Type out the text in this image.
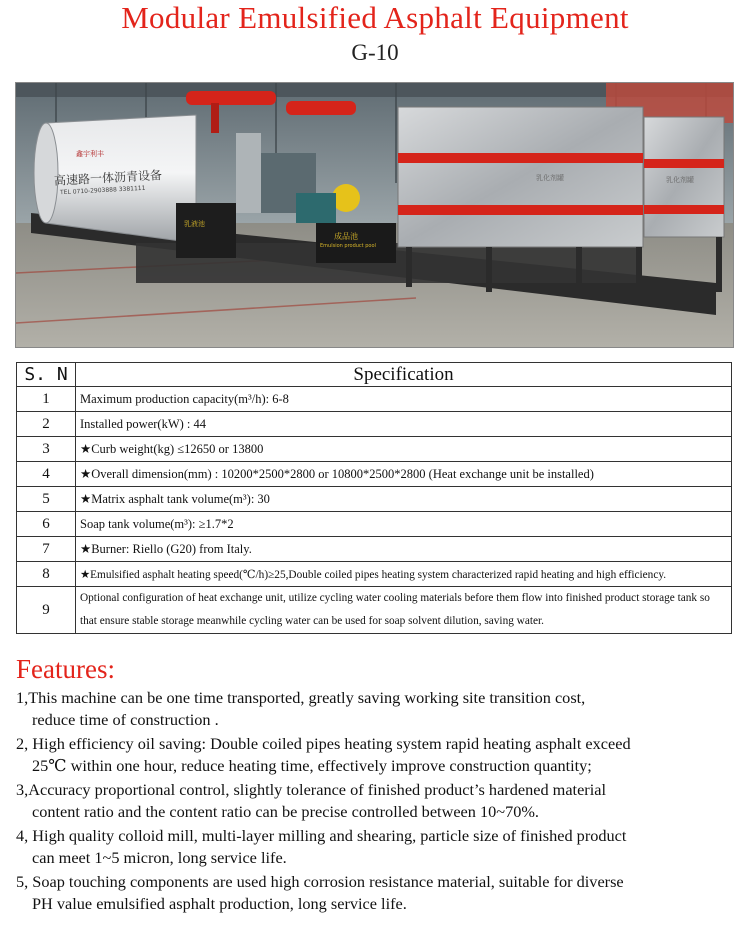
Modular Emulsified Asphalt Equipment
G-10
鑫宇利丰
高速路一体沥青设备
TEL 0710-2903888 3381111
乳液池
成品池
Emulsion product pool
乳化剂罐	乳化剂罐
S. N	Specification
1	Maximum production capacity(m³/h): 6-8
2	Installed power(kW) : 44
3	★Curb weight(kg) ≤12650 or 13800
4	★Overall dimension(mm) : 10200*2500*2800 or 10800*2500*2800 (Heat exchange unit be installed)
5	★Matrix asphalt tank volume(m³): 30
6	Soap tank volume(m³): ≥1.7*2
7	★Burner: Riello (G20) from Italy.
8	★Emulsified asphalt heating speed(℃/h)≥25,Double coiled pipes heating system characterized rapid heating and high efficiency.
9	Optional configuration of heat exchange unit, utilize cycling water cooling materials before them flow into finished product storage tank so that ensure stable storage meanwhile cycling water can be used for soap solvent dilution, saving water.
Features:
1,This machine can be one time transported, greatly saving working site transition cost,
reduce time of construction .
2, High efficiency oil saving: Double coiled pipes heating system rapid heating asphalt exceed
25℃ within one hour, reduce heating time, effectively improve construction quantity;
3,Accuracy proportional control, slightly tolerance of finished product’s hardened material
content ratio and the content ratio can be precise controlled between 10~70%.
4, High quality colloid mill, multi-layer milling and shearing, particle size of finished product
can meet 1~5 micron, long service life.
5, Soap touching components are used high corrosion resistance material, suitable for diverse
PH value emulsified asphalt production, long service life.
